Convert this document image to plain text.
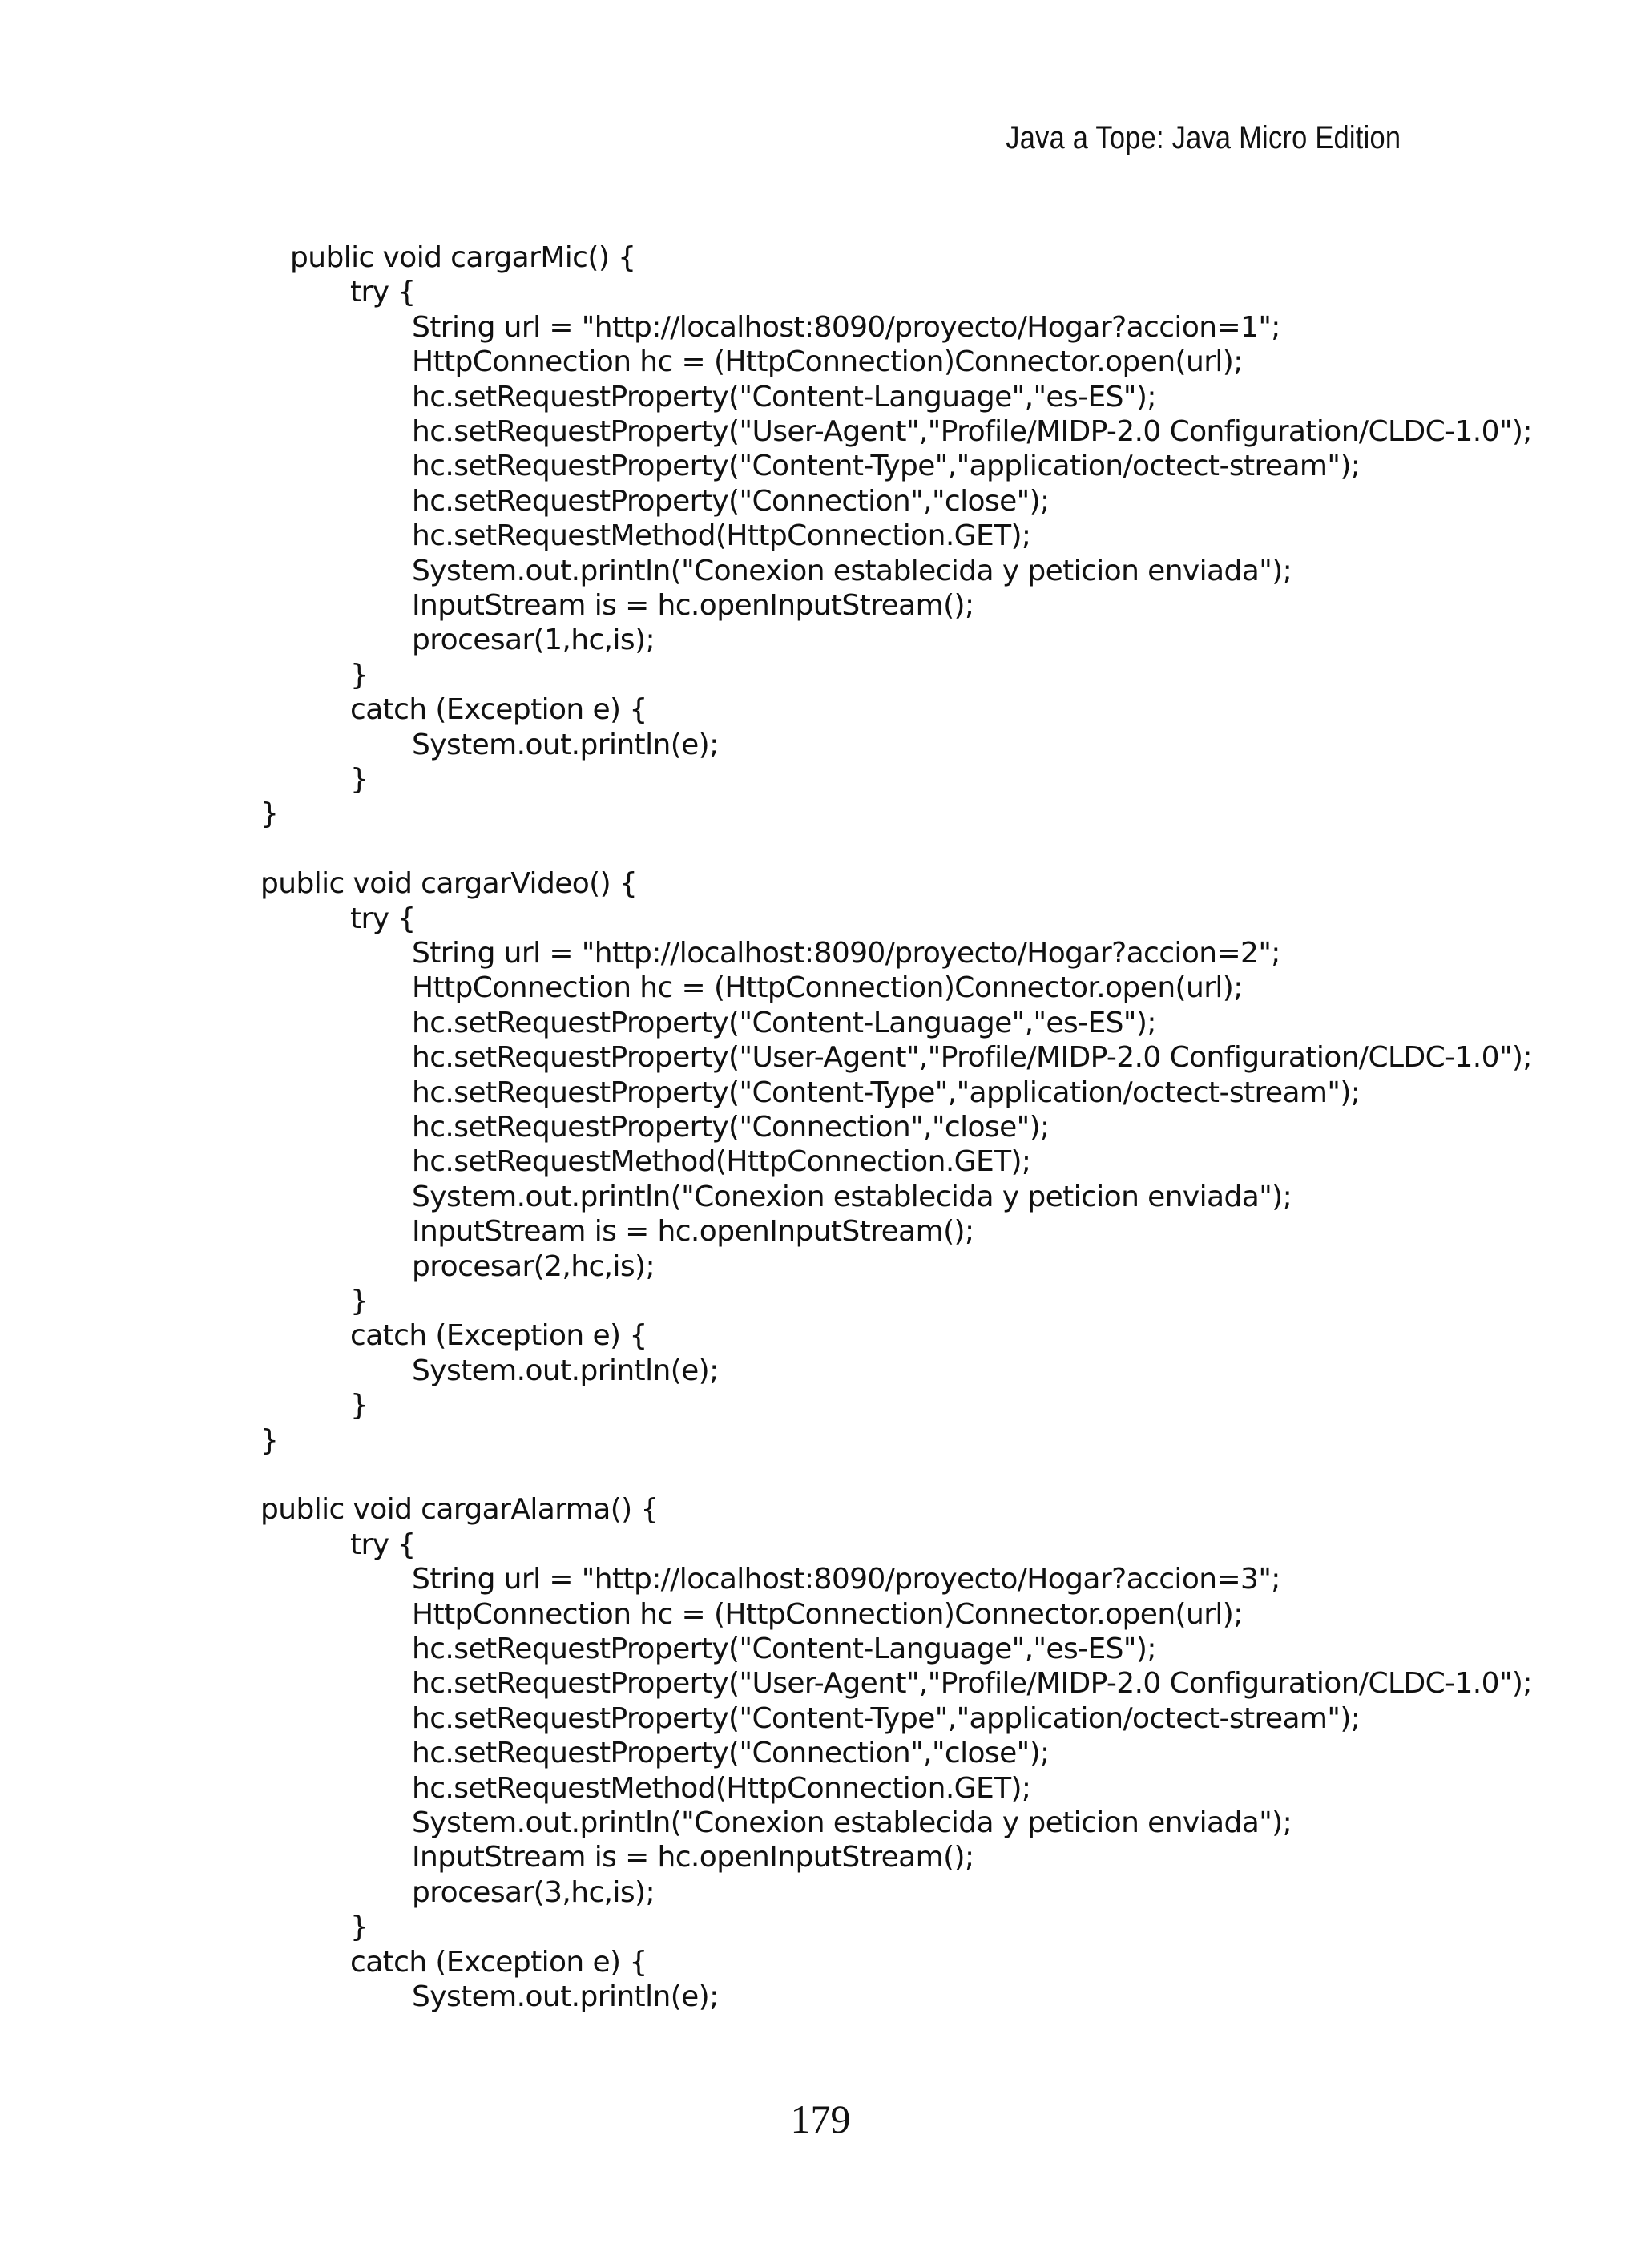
Java a Tope: Java Micro Edition
public void cargarMic() {
try {
String url = "http://localhost:8090/proyecto/Hogar?accion=1";
HttpConnection hc = (HttpConnection)Connector.open(url);
hc.setRequestProperty("Content-Language","es-ES");
hc.setRequestProperty("User-Agent","Profile/MIDP-2.0 Configuration/CLDC-1.0");
hc.setRequestProperty("Content-Type","application/octect-stream");
hc.setRequestProperty("Connection","close");
hc.setRequestMethod(HttpConnection.GET);
System.out.println("Conexion establecida y peticion enviada");
InputStream is = hc.openInputStream();
procesar(1,hc,is);
}
catch (Exception e) {
System.out.println(e);
}
}
public void cargarVideo() {
try {
String url = "http://localhost:8090/proyecto/Hogar?accion=2";
HttpConnection hc = (HttpConnection)Connector.open(url);
hc.setRequestProperty("Content-Language","es-ES");
hc.setRequestProperty("User-Agent","Profile/MIDP-2.0 Configuration/CLDC-1.0");
hc.setRequestProperty("Content-Type","application/octect-stream");
hc.setRequestProperty("Connection","close");
hc.setRequestMethod(HttpConnection.GET);
System.out.println("Conexion establecida y peticion enviada");
InputStream is = hc.openInputStream();
procesar(2,hc,is);
}
catch (Exception e) {
System.out.println(e);
}
}
public void cargarAlarma() {
try {
String url = "http://localhost:8090/proyecto/Hogar?accion=3";
HttpConnection hc = (HttpConnection)Connector.open(url);
hc.setRequestProperty("Content-Language","es-ES");
hc.setRequestProperty("User-Agent","Profile/MIDP-2.0 Configuration/CLDC-1.0");
hc.setRequestProperty("Content-Type","application/octect-stream");
hc.setRequestProperty("Connection","close");
hc.setRequestMethod(HttpConnection.GET);
System.out.println("Conexion establecida y peticion enviada");
InputStream is = hc.openInputStream();
procesar(3,hc,is);
}
catch (Exception e) {
System.out.println(e);
179
